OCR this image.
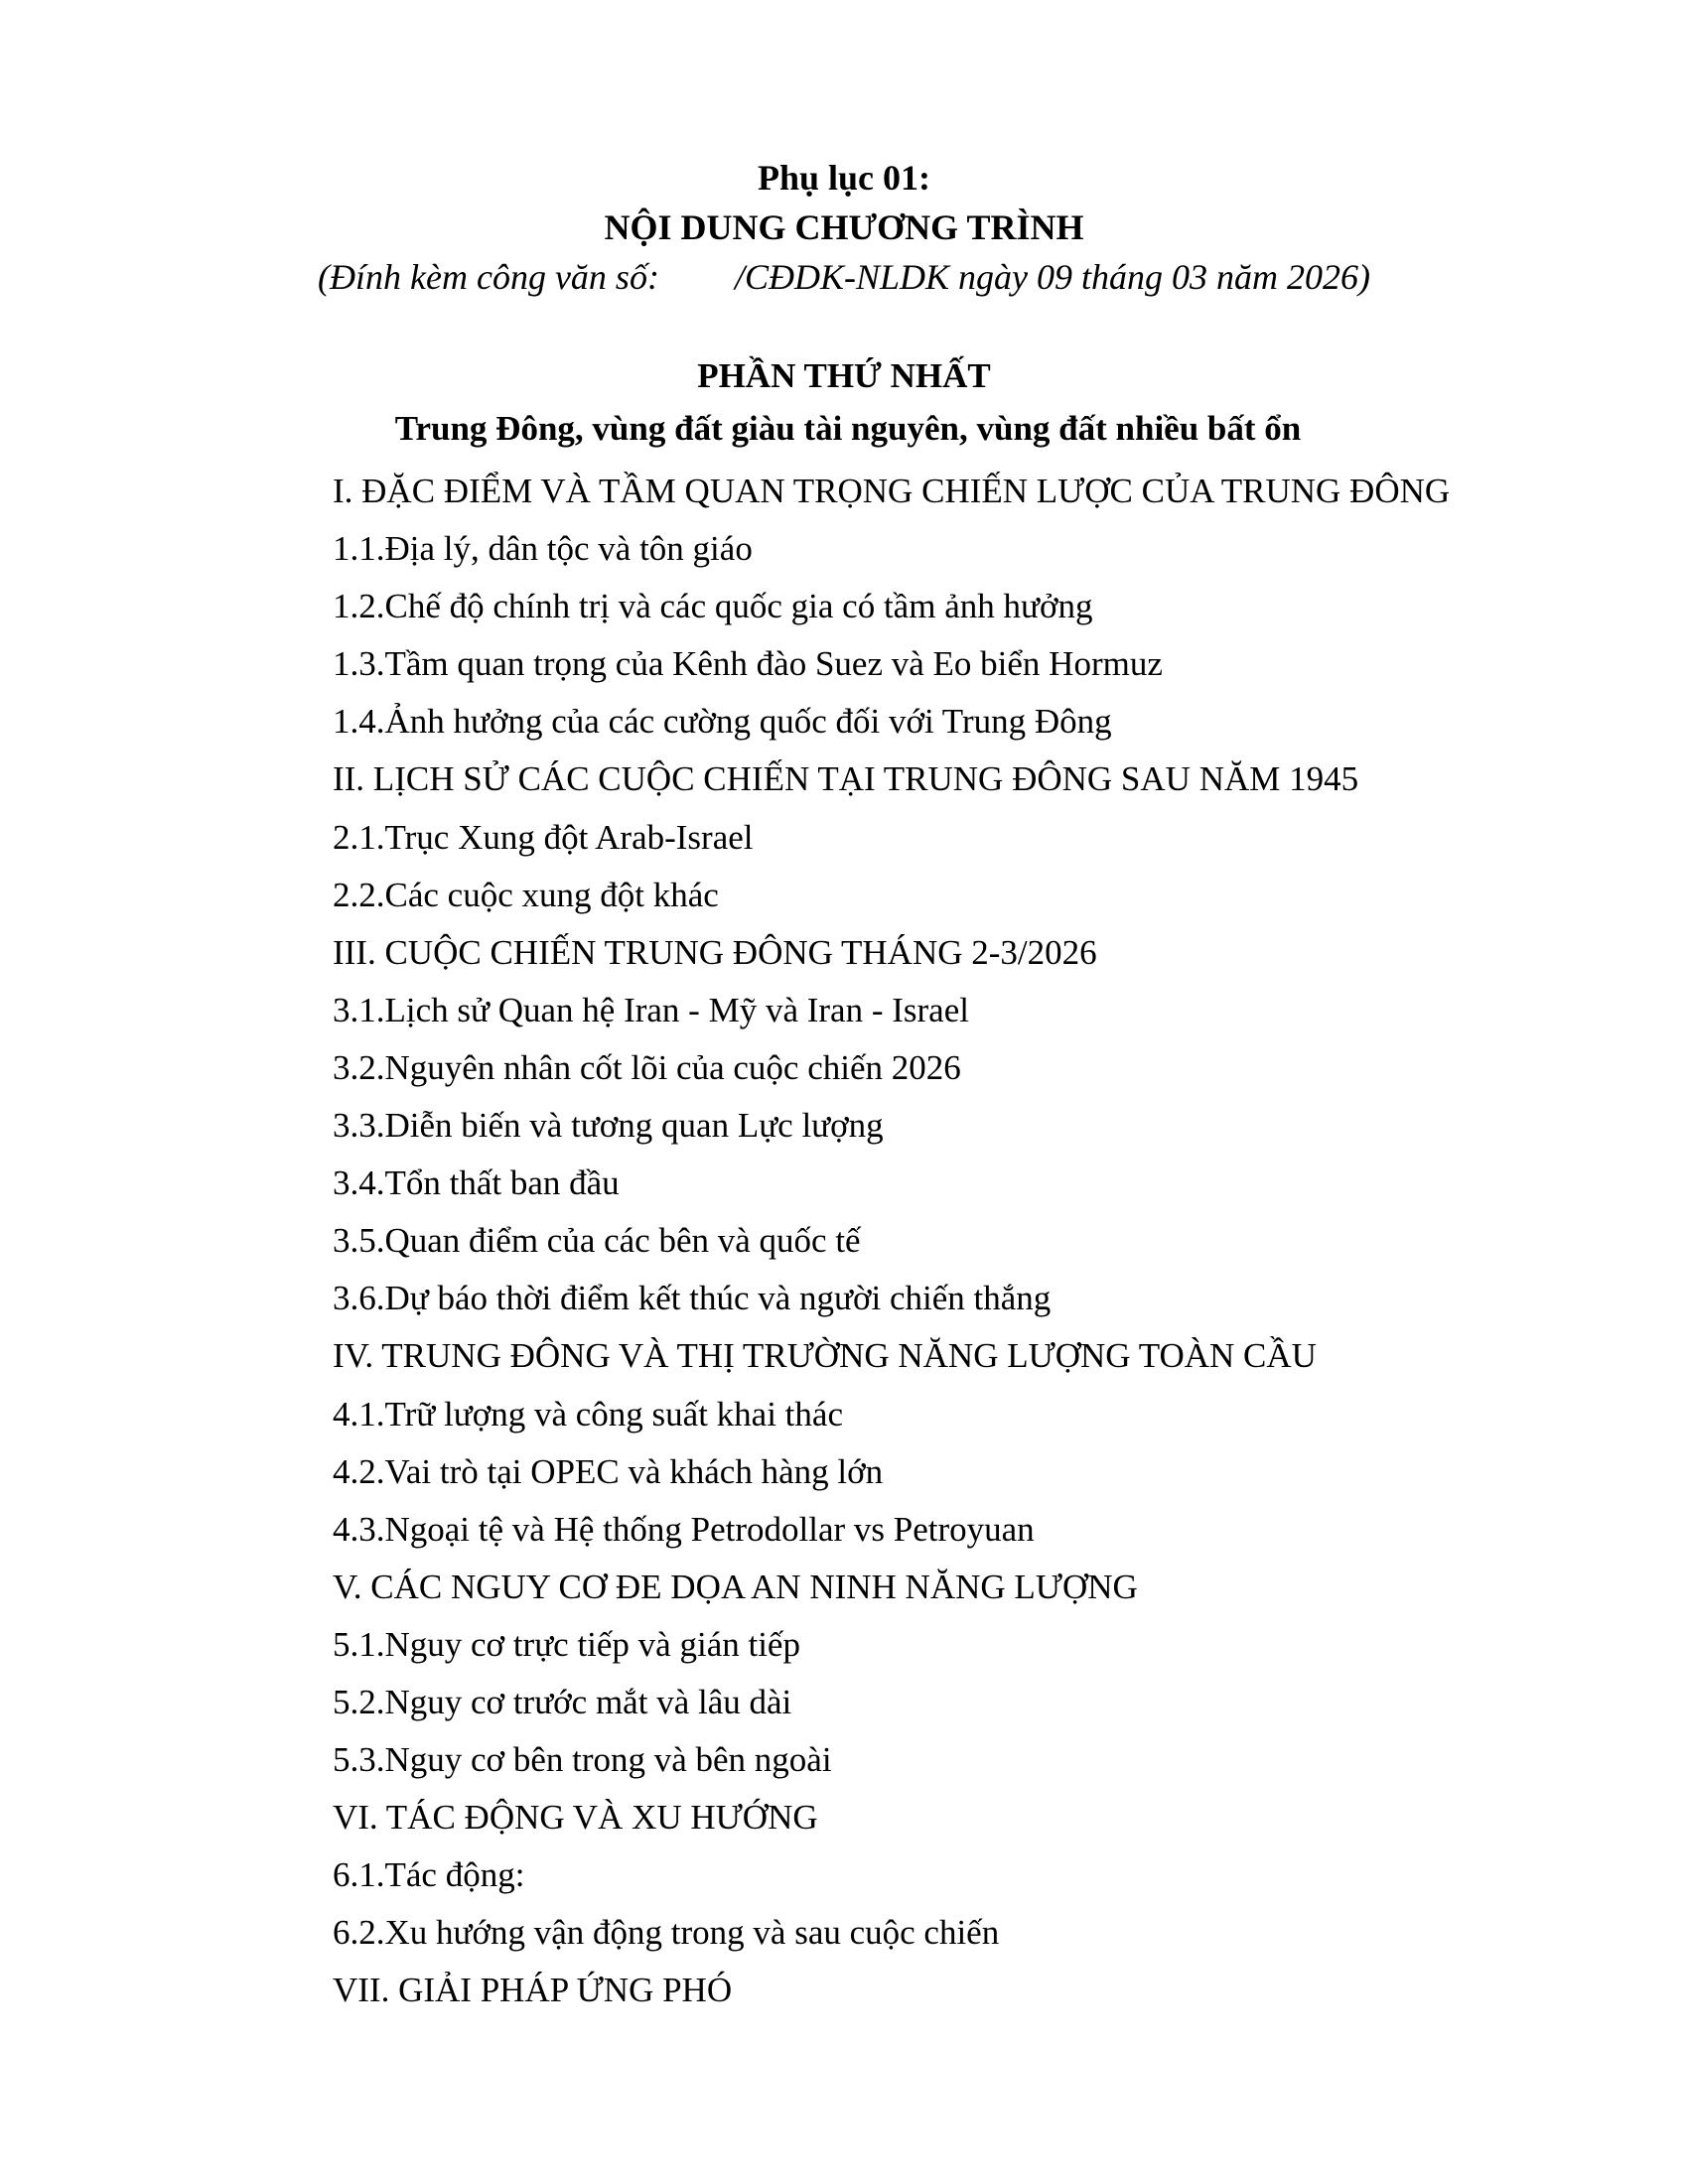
Phụ lục 01:
NỘI DUNG CHƯƠNG TRÌNH
(Đính kèm công văn số: /CĐDK-NLDK ngày 09 tháng 03 năm 2026)
PHẦN THỨ NHẤT
Trung Đông, vùng đất giàu tài nguyên, vùng đất nhiều bất ổn
I. ĐẶC ĐIỂM VÀ TẦM QUAN TRỌNG CHIẾN LƯỢC CỦA TRUNG ĐÔNG
1.1.Địa lý, dân tộc và tôn giáo
1.2.Chế độ chính trị và các quốc gia có tầm ảnh hưởng
1.3.Tầm quan trọng của Kênh đào Suez và Eo biển Hormuz
1.4.Ảnh hưởng của các cường quốc đối với Trung Đông
II. LỊCH SỬ CÁC CUỘC CHIẾN TẠI TRUNG ĐÔNG SAU NĂM 1945
2.1.Trục Xung đột Arab-Israel
2.2.Các cuộc xung đột khác
III. CUỘC CHIẾN TRUNG ĐÔNG THÁNG 2-3/2026
3.1.Lịch sử Quan hệ Iran - Mỹ và Iran - Israel
3.2.Nguyên nhân cốt lõi của cuộc chiến 2026
3.3.Diễn biến và tương quan Lực lượng
3.4.Tổn thất ban đầu
3.5.Quan điểm của các bên và quốc tế
3.6.Dự báo thời điểm kết thúc và người chiến thắng
IV. TRUNG ĐÔNG VÀ THỊ TRƯỜNG NĂNG LƯỢNG TOÀN CẦU
4.1.Trữ lượng và công suất khai thác
4.2.Vai trò tại OPEC và khách hàng lớn
4.3.Ngoại tệ và Hệ thống Petrodollar vs Petroyuan
V. CÁC NGUY CƠ ĐE DỌA AN NINH NĂNG LƯỢNG
5.1.Nguy cơ trực tiếp và gián tiếp
5.2.Nguy cơ trước mắt và lâu dài
5.3.Nguy cơ bên trong và bên ngoài
VI. TÁC ĐỘNG VÀ XU HƯỚNG
6.1.Tác động:
6.2.Xu hướng vận động trong và sau cuộc chiến
VII. GIẢI PHÁP ỨNG PHÓ
